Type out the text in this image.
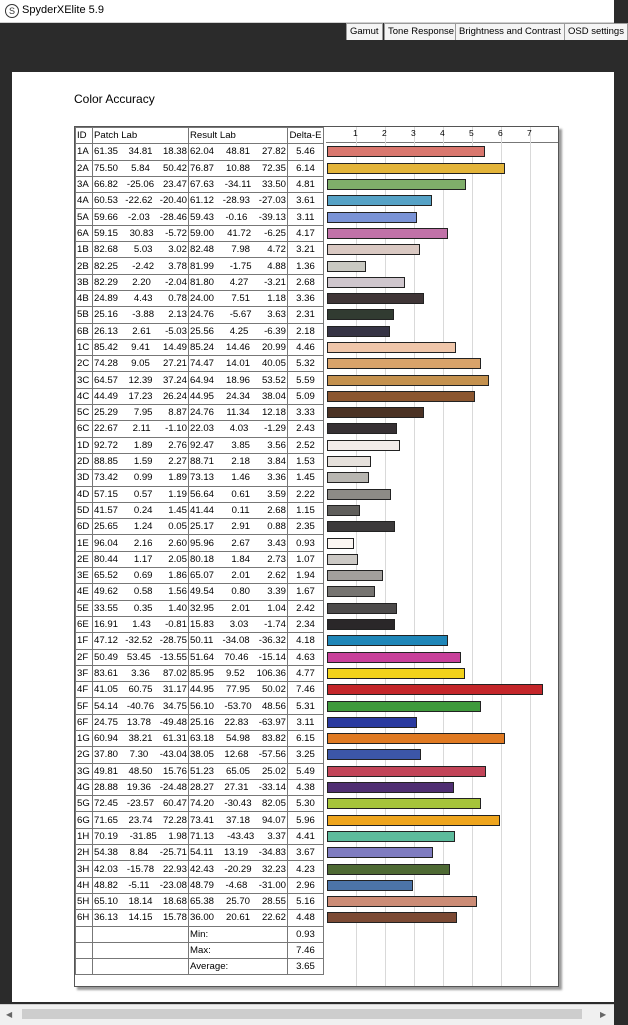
S SpyderXElite 5.9
Gamut Tone Response Brightness and Contrast OSD settings
Color Accuracy
ID	Patch Lab	Result Lab	Delta-E
1A	61.35 34.81 18.38	62.04 48.81 27.82	5.46
2A	75.50 5.84 50.42	76.87 10.88 72.35	6.14
3A	66.82 -25.06 23.47	67.63 -34.11 33.50	4.81
4A	60.53 -22.62 -20.40	61.12 -28.93 -27.03	3.61
5A	59.66 -2.03 -28.46	59.43 -0.16 -39.13	3.11
6A	59.15 30.83 -5.72	59.00 41.72 -6.25	4.17
1B	82.68 5.03 3.02	82.48 7.98 4.72	3.21
2B	82.25 -2.42 3.78	81.99 -1.75 4.88	1.36
3B	82.29 2.20 -2.04	81.80 4.27 -3.21	2.68
4B	24.89 4.43 0.78	24.00 7.51 1.18	3.36
5B	25.16 -3.88 2.13	24.76 -5.67 3.63	2.31
6B	26.13 2.61 -5.03	25.56 4.25 -6.39	2.18
1C	85.42 9.41 14.49	85.24 14.46 20.99	4.46
2C	74.28 9.05 27.21	74.47 14.01 40.05	5.32
3C	64.57 12.39 37.24	64.94 18.96 53.52	5.59
4C	44.49 17.23 26.24	44.95 24.34 38.04	5.09
5C	25.29 7.95 8.87	24.76 11.34 12.18	3.33
6C	22.67 2.11 -1.10	22.03 4.03 -1.29	2.43
1D	92.72 1.89 2.76	92.47 3.85 3.56	2.52
2D	88.85 1.59 2.27	88.71 2.18 3.84	1.53
3D	73.42 0.99 1.89	73.13 1.46 3.36	1.45
4D	57.15 0.57 1.19	56.64 0.61 3.59	2.22
5D	41.57 0.24 1.45	41.44 0.11 2.68	1.15
6D	25.65 1.24 0.05	25.17 2.91 0.88	2.35
1E	96.04 2.16 2.60	95.96 2.67 3.43	0.93
2E	80.44 1.17 2.05	80.18 1.84 2.73	1.07
3E	65.52 0.69 1.86	65.07 2.01 2.62	1.94
4E	49.62 0.58 1.56	49.54 0.80 3.39	1.67
5E	33.55 0.35 1.40	32.95 2.01 1.04	2.42
6E	16.91 1.43 -0.81	15.83 3.03 -1.74	2.34
1F	47.12 -32.52 -28.75	50.11 -34.08 -36.32	4.18
2F	50.49 53.45 -13.55	51.64 70.46 -15.14	4.63
3F	83.61 3.36 87.02	85.95 9.52 106.36	4.77
4F	41.05 60.75 31.17	44.95 77.95 50.02	7.46
5F	54.14 -40.76 34.75	56.10 -53.70 48.56	5.31
6F	24.75 13.78 -49.48	25.16 22.83 -63.97	3.11
1G	60.94 38.21 61.31	63.18 54.98 83.82	6.15
2G	37.80 7.30 -43.04	38.05 12.68 -57.56	3.25
3G	49.81 48.50 15.76	51.23 65.05 25.02	5.49
4G	28.88 19.36 -24.48	28.27 27.31 -33.14	4.38
5G	72.45 -23.57 60.47	74.20 -30.43 82.05	5.30
6G	71.65 23.74 72.28	73.41 37.18 94.07	5.96
1H	70.19 -31.85 1.98	71.13 -43.43 3.37	4.41
2H	54.38 8.84 -25.71	54.11 13.19 -34.83	3.67
3H	42.03 -15.78 22.93	42.43 -20.29 32.23	4.23
4H	48.82 -5.11 -23.08	48.79 -4.68 -31.00	2.96
5H	65.10 18.14 18.68	65.38 25.70 28.55	5.16
6H	36.13 14.15 15.78	36.00 20.61 22.62	4.48
		Min:	0.93
		Max:	7.46
		Average:	3.65
1	2	3	4	5	6	7
◀	▶
